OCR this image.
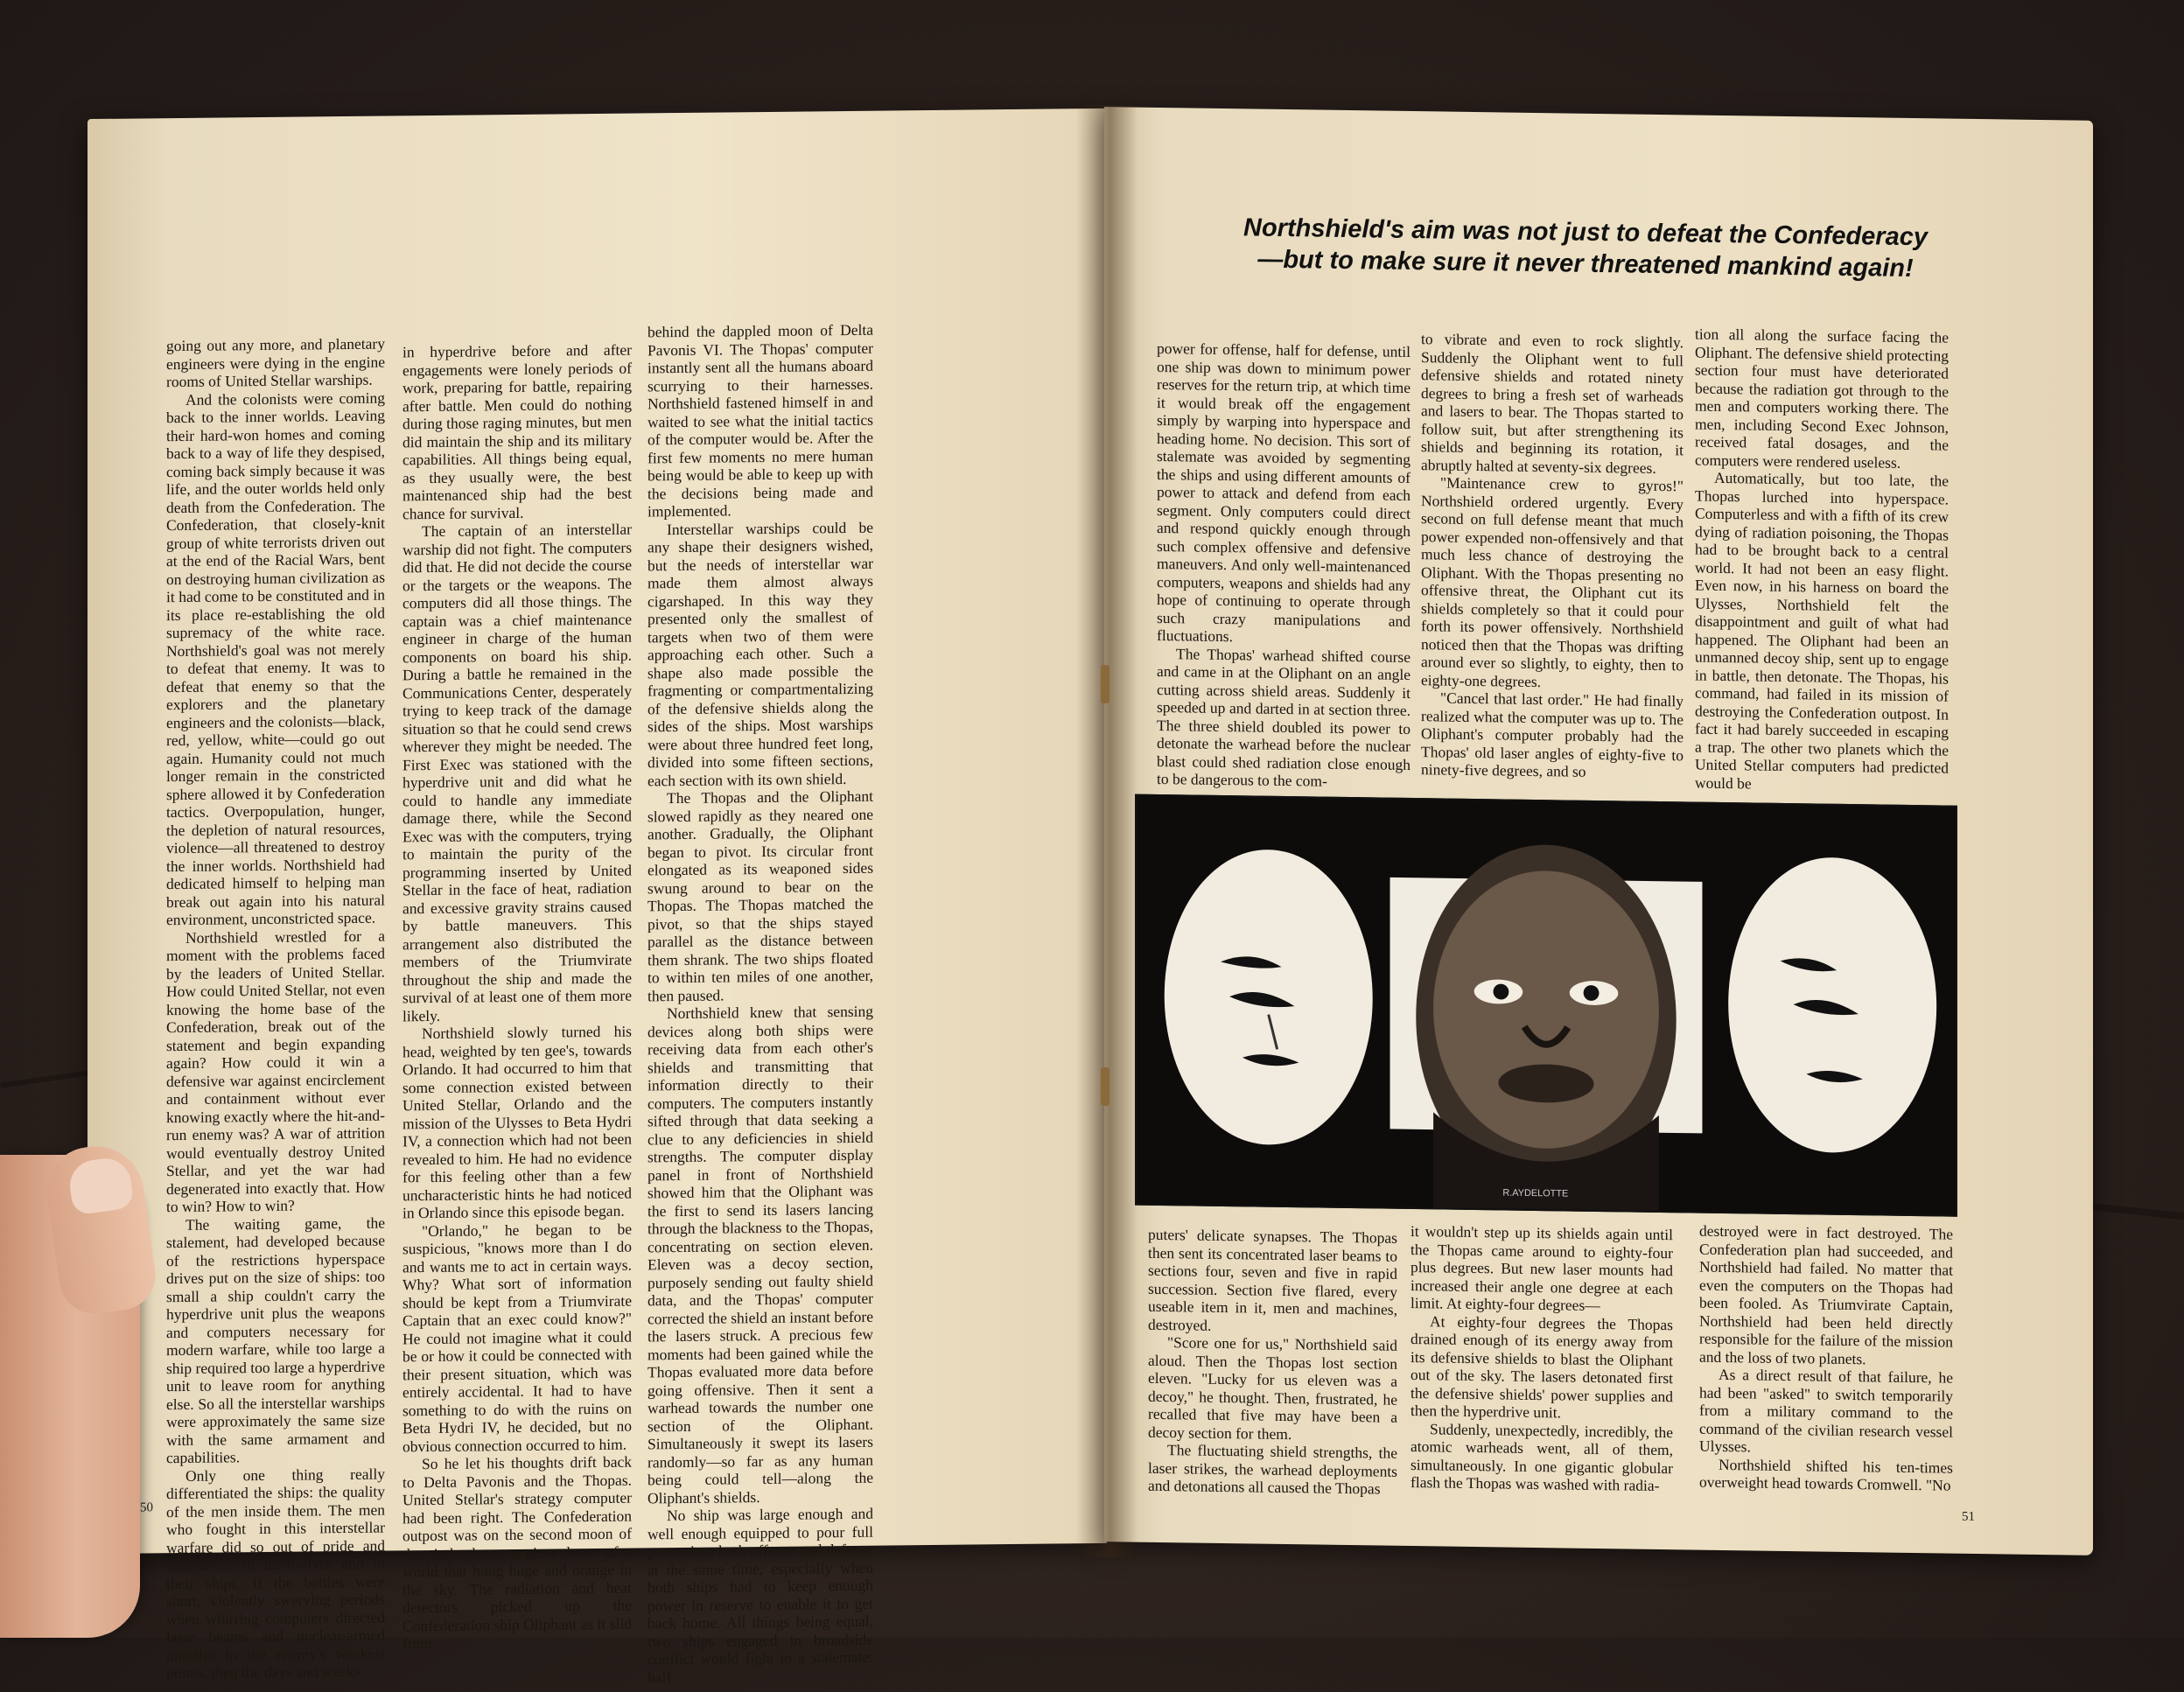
going out any more, and planetary engineers were dying in the engine rooms of United Stellar warships.

And the colonists were coming back to the inner worlds. Leaving their hard-won homes and coming back to a way of life they despised, coming back simply because it was life, and the outer worlds held only death from the Confederation. The Confederation, that closely-knit group of white terrorists driven out at the end of the Racial Wars, bent on destroying human civilization as it had come to be constituted and in its place re-establishing the old supremacy of the white race. Northshield's goal was not merely to defeat that enemy. It was to defeat that enemy so that the explorers and the planetary engineers and the colonists—black, red, yellow, white—could go out again. Humanity could not much longer remain in the constricted sphere allowed it by Confederation tactics. Overpopulation, hunger, the depletion of natural resources, violence—all threatened to destroy the inner worlds. Northshield had dedicated himself to helping man break out again into his natural environment, unconstricted space.

Northshield wrestled for a moment with the problems faced by the leaders of United Stellar. How could United Stellar, not even knowing the home base of the Confederation, break out of the statement and begin expanding again? How could it win a defensive war against encirclement and containment without ever knowing exactly where the hit-and-run enemy was? A war of attrition would eventually destroy United Stellar, and yet the war had degenerated into exactly that. How to win? How to win?

The waiting game, the stalement, had developed because of the restrictions hyperspace drives put on the size of ships: too small a ship couldn't carry the hyperdrive unit plus the weapons and computers necessary for modern warfare, while too large a ship required too large a hyperdrive unit to leave room for anything else. So all the interstellar warships were approximately the same size with the same armament and capabilities.

Only one thing really differentiated the ships: the quality of the men inside them. The men who fought in this interstellar warfare did so out of pride and confidence in themselves and in their ships. If the battles were short, violently swerving periods when whirring computers directed laser beams and nuclear-armed missiles to the enemy's weakest points, then the days and weeks

in hyperdrive before and after engagements were lonely periods of work, preparing for battle, repairing after battle. Men could do nothing during those raging minutes, but men did maintain the ship and its military capabilities. All things being equal, as they usually were, the best maintenanced ship had the best chance for survival.

The captain of an interstellar warship did not fight. The computers did that. He did not decide the course or the targets or the weapons. The computers did all those things. The captain was a chief maintenance engineer in charge of the human components on board his ship. During a battle he remained in the Communications Center, desperately trying to keep track of the damage situation so that he could send crews wherever they might be needed. The First Exec was stationed with the hyperdrive unit and did what he could to handle any immediate damage there, while the Second Exec was with the computers, trying to maintain the purity of the programming inserted by United Stellar in the face of heat, radiation and excessive gravity strains caused by battle maneuvers. This arrangement also distributed the members of the Triumvirate throughout the ship and made the survival of at least one of them more likely.

Northshield slowly turned his head, weighted by ten gee's, towards Orlando. It had occurred to him that some connection existed between United Stellar, Orlando and the mission of the Ulysses to Beta Hydri IV, a connection which had not been revealed to him. He had no evidence for this feeling other than a few uncharacteristic hints he had noticed in Orlando since this episode began.

"Orlando," he began to be suspicious, "knows more than I do and wants me to act in certain ways. Why? What sort of information should be kept from a Triumvirate Captain that an exec could know?" He could not imagine what it could be or how it could be connected with their present situation, which was entirely accidental. It had to have something to do with the ruins on Beta Hydri IV, he decided, but no obvious connection occurred to him.

So he let his thoughts drift back to Delta Pavonis and the Thopas. United Stellar's strategy computer had been right. The Confederation outpost was on the second moon of the sixth planet, a giant desert of a world that hung huge and orange in the sky. The radiation and heat detectors picked up the Confederation ship Oliphant as it slid from

behind the dappled moon of Delta Pavonis VI. The Thopas' computer instantly sent all the humans aboard scurrying to their harnesses. Northshield fastened himself in and waited to see what the initial tactics of the computer would be. After the first few moments no mere human being would be able to keep up with the decisions being made and implemented.

Interstellar warships could be any shape their designers wished, but the needs of interstellar war made them almost always cigarshaped. In this way they presented only the smallest of targets when two of them were approaching each other. Such a shape also made possible the fragmenting or compartmentalizing of the defensive shields along the sides of the ships. Most warships were about three hundred feet long, divided into some fifteen sections, each section with its own shield.

The Thopas and the Oliphant slowed rapidly as they neared one another. Gradually, the Oliphant began to pivot. Its circular front elongated as its weaponed sides swung around to bear on the Thopas. The Thopas matched the pivot, so that the ships stayed parallel as the distance between them shrank. The two ships floated to within ten miles of one another, then paused.

Northshield knew that sensing devices along both ships were receiving data from each other's shields and transmitting that information directly to their computers. The computers instantly sifted through that data seeking a clue to any deficiencies in shield strengths. The computer display panel in front of Northshield showed him that the Oliphant was the first to send its lasers lancing through the blackness to the Thopas, concentrating on section eleven. Eleven was a decoy section, purposely sending out faulty shield data, and the Thopas' computer corrected the shield an instant before the lasers struck. A precious few moments had been gained while the Thopas evaluated more data before going offensive. Then it sent a warhead towards the number one section of the Oliphant. Simultaneously it swept its lasers randomly—so far as any human being could tell—along the Oliphant's shields.

No ship was large enough and well enough equipped to pour full power into both offense and defense at the same time, especially when both ships had to keep enough power in reserve to enable it to get back home. All things being equal, two ships engaged in broadside conflict would fight to a stalemate: half

50
Northshield's aim was not just to defeat the Confederacy—but to make sure it never threatened mankind again!

power for offense, half for defense, until one ship was down to minimum power reserves for the return trip, at which time it would break off the engagement simply by warping into hyperspace and heading home. No decision. This sort of stalemate was avoided by segmenting the ships and using different amounts of power to attack and defend from each segment. Only computers could direct and respond quickly enough through such complex offensive and defensive maneuvers. And only well-maintenanced computers, weapons and shields had any hope of continuing to operate through such crazy manipulations and fluctuations.

The Thopas' warhead shifted course and came in at the Oliphant on an angle cutting across shield areas. Suddenly it speeded up and darted in at section three. The three shield doubled its power to detonate the warhead before the nuclear blast could shed radiation close enough to be dangerous to the com-

to vibrate and even to rock slightly. Suddenly the Oliphant went to full defensive shields and rotated ninety degrees to bring a fresh set of warheads and lasers to bear. The Thopas started to follow suit, but after strengthening its shields and beginning its rotation, it abruptly halted at seventy-six degrees.

"Maintenance crew to gyros!" Northshield ordered urgently. Every second on full defense meant that much power expended non-offensively and that much less chance of destroying the Oliphant. With the Thopas presenting no offensive threat, the Oliphant cut its shields completely so that it could pour forth its power offensively. Northshield noticed then that the Thopas was drifting around ever so slightly, to eighty, then to eighty-one degrees.

"Cancel that last order." He had finally realized what the computer was up to. The Oliphant's computer probably had the Thopas' old laser angles of eighty-five to ninety-five degrees, and so

tion all along the surface facing the Oliphant. The defensive shield protecting section four must have deteriorated because the radiation got through to the men and computers working there. The men, including Second Exec Johnson, received fatal dosages, and the computers were rendered useless.

Automatically, but too late, the Thopas lurched into hyperspace. Computerless and with a fifth of its crew dying of radiation poisoning, the Thopas had to be brought back to a central world. It had not been an easy flight. Even now, in his harness on board the Ulysses, Northshield felt the disappointment and guilt of what had happened. The Oliphant had been an unmanned decoy ship, sent up to engage in battle, then detonate. The Thopas, his command, had failed in its mission of destroying the Confederation outpost. In fact it had barely succeeded in escaping a trap. The other two planets which the United Stellar computers had predicted would be

R.AYDELOTTE

puters' delicate synapses. The Thopas then sent its concentrated laser beams to sections four, seven and five in rapid succession. Section five flared, every useable item in it, men and machines, destroyed.

"Score one for us," Northshield said aloud. Then the Thopas lost section eleven. "Lucky for us eleven was a decoy," he thought. Then, frustrated, he recalled that five may have been a decoy section for them.

The fluctuating shield strengths, the laser strikes, the warhead deployments and detonations all caused the Thopas

it wouldn't step up its shields again until the Thopas came around to eighty-four plus degrees. But new laser mounts had increased their angle one degree at each limit. At eighty-four degrees—

At eighty-four degrees the Thopas drained enough of its energy away from its defensive shields to blast the Oliphant out of the sky. The lasers detonated first the defensive shields' power supplies and then the hyperdrive unit.

Suddenly, unexpectedly, incredibly, the atomic warheads went, all of them, simultaneously. In one gigantic globular flash the Thopas was washed with radia-

destroyed were in fact destroyed. The Confederation plan had succeeded, and Northshield had failed. No matter that even the computers on the Thopas had been fooled. As Triumvirate Captain, Northshield had been held directly responsible for the failure of the mission and the loss of two planets.

As a direct result of that failure, he had been "asked" to switch temporarily from a military command to the command of the civilian research vessel Ulysses.

Northshield shifted his ten-times overweight head towards Cromwell. "No

51
